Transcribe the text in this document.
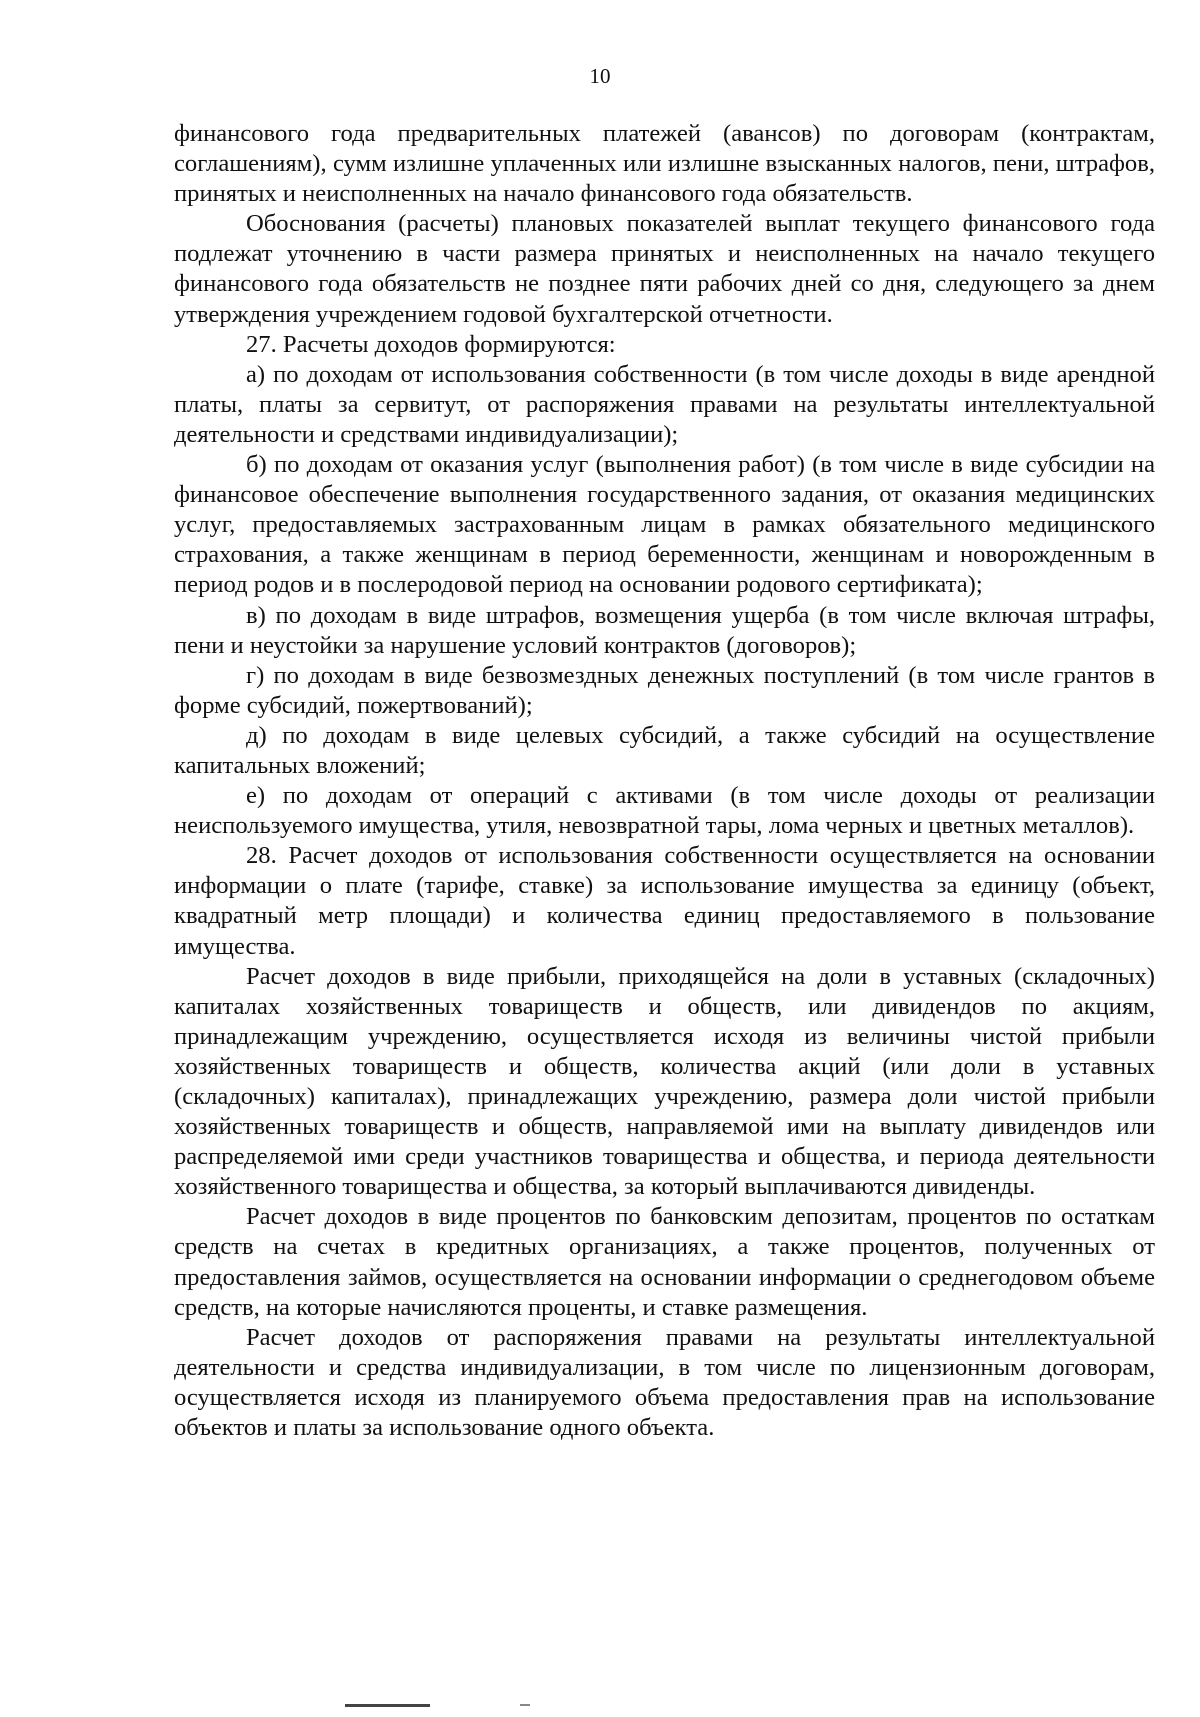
10

финансового года предварительных платежей (авансов) по договорам (контрактам, соглашениям), сумм излишне уплаченных или излишне взысканных налогов, пени, штрафов, принятых и неисполненных на начало финансового года обязательств.

Обоснования (расчеты) плановых показателей выплат текущего финансового года подлежат уточнению в части размера принятых и неисполненных на начало текущего финансового года обязательств не позднее пяти рабочих дней со дня, следующего за днем утверждения учреждением годовой бухгалтерской отчетности.

27. Расчеты доходов формируются:

а) по доходам от использования собственности (в том числе доходы в виде арендной платы, платы за сервитут, от распоряжения правами на результаты интеллектуальной деятельности и средствами индивидуализации);

б) по доходам от оказания услуг (выполнения работ) (в том числе в виде субсидии на финансовое обеспечение выполнения государственного задания, от оказания медицинских услуг, предоставляемых застрахованным лицам в рамках обязательного медицинского страхования, а также женщинам в период беременности, женщинам и новорожденным в период родов и в послеродовой период на основании родового сертификата);

в) по доходам в виде штрафов, возмещения ущерба (в том числе включая штрафы, пени и неустойки за нарушение условий контрактов (договоров);

г) по доходам в виде безвозмездных денежных поступлений (в том числе грантов в форме субсидий, пожертвований);

д) по доходам в виде целевых субсидий, а также субсидий на осуществление капитальных вложений;

е) по доходам от операций с активами (в том числе доходы от реализации неиспользуемого имущества, утиля, невозвратной тары, лома черных и цветных металлов).

28. Расчет доходов от использования собственности осуществляется на основании информации о плате (тарифе, ставке) за использование имущества за единицу (объект, квадратный метр площади) и количества единиц предоставляемого в пользование имущества.

Расчет доходов в виде прибыли, приходящейся на доли в уставных (складочных) капиталах хозяйственных товариществ и обществ, или дивидендов по акциям, принадлежащим учреждению, осуществляется исходя из величины чистой прибыли хозяйственных товариществ и обществ, количества акций (или доли в уставных (складочных) капиталах), принадлежащих учреждению, размера доли чистой прибыли хозяйственных товариществ и обществ, направляемой ими на выплату дивидендов или распределяемой ими среди участников товарищества и общества, и периода деятельности хозяйственного товарищества и общества, за который выплачиваются дивиденды.

Расчет доходов в виде процентов по банковским депозитам, процентов по остаткам средств на счетах в кредитных организациях, а также процентов, полученных от предоставления займов, осуществляется на основании информации о среднегодовом объеме средств, на которые начисляются проценты, и ставке размещения.

Расчет доходов от распоряжения правами на результаты интеллектуальной деятельности и средства индивидуализации, в том числе по лицензионным договорам, осуществляется исходя из планируемого объема предоставления прав на использование объектов и платы за использование одного объекта.
